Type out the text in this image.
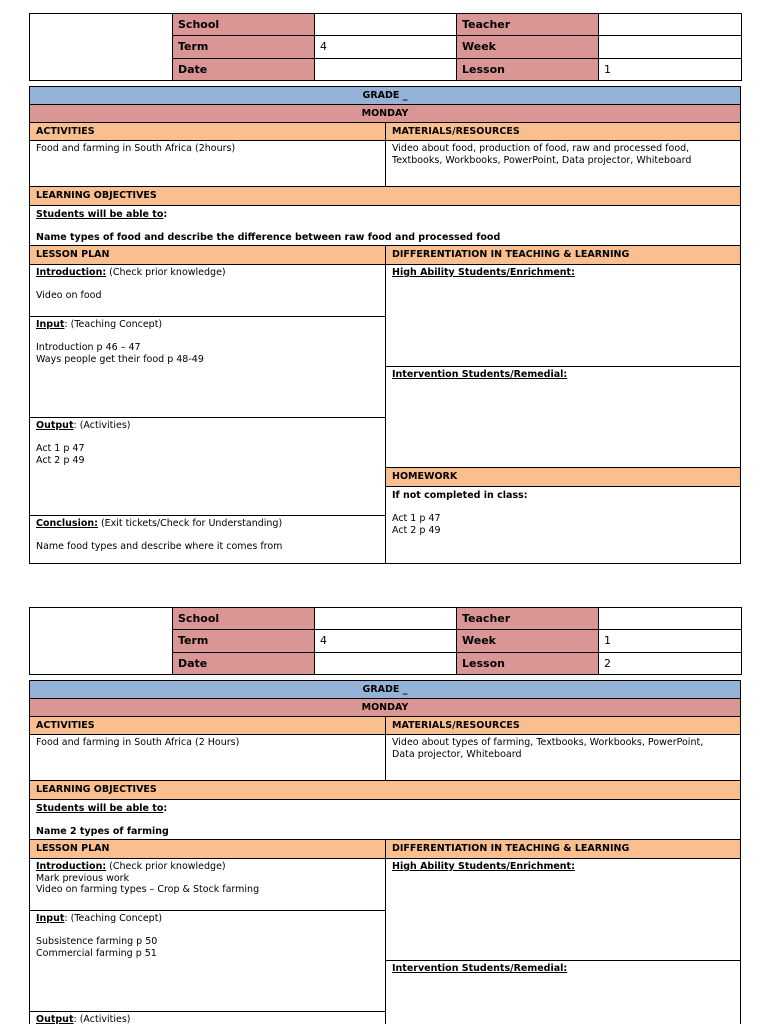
	School		Teacher	
	Term	4	Week	
	Date		Lesson	1
GRADE _
MONDAY
ACTIVITIES	MATERIALS/RESOURCES
Food and farming in South Africa (2hours)	Video about food, production of food, raw and processed food,
Textbooks, Workbooks, PowerPoint, Data projector, Whiteboard
LEARNING OBJECTIVES
Students will be able to:
Name types of food and describe the difference between raw food and processed food
LESSON PLAN	DIFFERENTIATION IN TEACHING & LEARNING
Introduction: (Check prior knowledge)
Video on food
Input: (Teaching Concept)
Introduction p 46 – 47
Ways people get their food p 48-49
Output: (Activities)
Act 1 p 47
Act 2 p 49
Conclusion: (Exit tickets/Check for Understanding)
Name food types and describe where it comes from
High Ability Students/Enrichment:
Intervention Students/Remedial:
HOMEWORK
If not completed in class:
Act 1 p 47
Act 2 p 49
	School		Teacher	
	Term	4	Week	1
	Date		Lesson	2
GRADE _
MONDAY
ACTIVITIES	MATERIALS/RESOURCES
Food and farming in South Africa (2 Hours)	Video about types of farming, Textbooks, Workbooks, PowerPoint,
Data projector, Whiteboard
LEARNING OBJECTIVES
Students will be able to:
Name 2 types of farming
LESSON PLAN	DIFFERENTIATION IN TEACHING & LEARNING
Introduction: (Check prior knowledge)
Mark previous work
Video on farming types – Crop & Stock farming
Input: (Teaching Concept)
Subsistence farming p 50
Commercial farming p 51
Output: (Activities)
High Ability Students/Enrichment:
Intervention Students/Remedial:
